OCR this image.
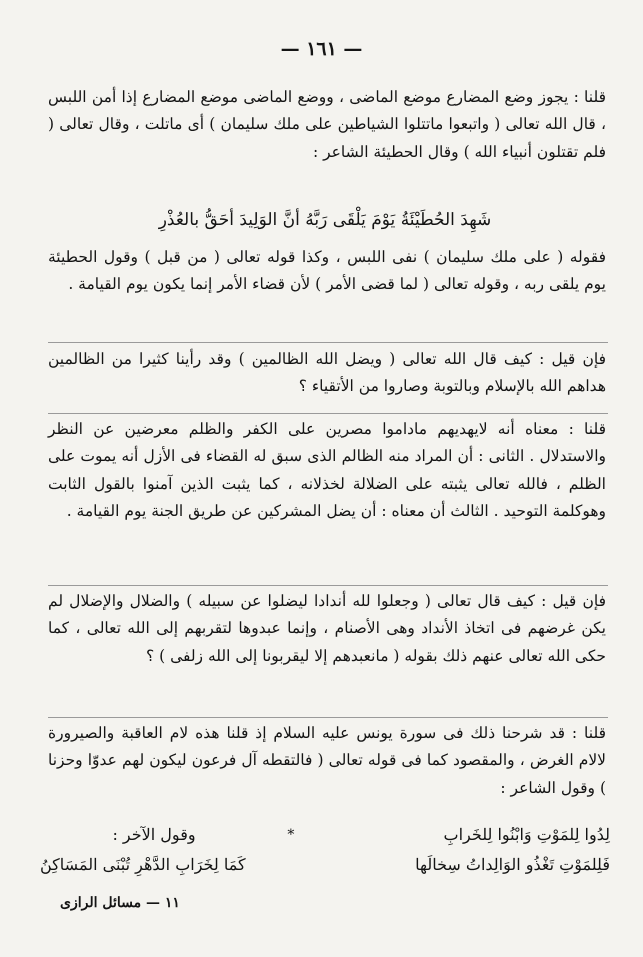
— ١٦١ —

قلنا : يجوز وضع المضارع موضع الماضى ، ووضع الماضى موضع المضارع إذا أمن اللبس ، قال الله تعالى ( واتبعوا ماتتلوا الشياطين على ملك سليمان ) أى ماتلت ، وقال تعالى ( فلم تقتلون أنبياء الله ) وقال الحطيئة الشاعر :

شَهِدَ الحُطَيْئَةُ يَوْمَ يَلْقَى رَبَّهُ أنَّ الوَلِيدَ أحَقُّ بالعُذْرِ

فقوله ( على ملك سليمان ) نفى اللبس ، وكذا قوله تعالى ( من قبل ) وقول الحطيئة يوم يلقى ربه ، وقوله تعالى ( لما قضى الأمر ) لأن قضاء الأمر إنما يكون يوم القيامة .

فإن قيل : كيف قال الله تعالى ( ويضل الله الظالمين ) وقد رأينا كثيرا من الظالمين هداهم الله بالإسلام وبالتوبة وصاروا من الأتقياء ؟

قلنا : معناه أنه لايهديهم ماداموا مصرين على الكفر والظلم معرضين عن النظر والاستدلال . الثانى : أن المراد منه الظالم الذى سبق له القضاء فى الأزل أنه يموت على الظلم ، فالله تعالى يثبته على الضلالة لخذلانه ، كما يثبت الذين آمنوا بالقول الثابت وهوكلمة التوحيد . الثالث أن معناه : أن يضل المشركين عن طريق الجنة يوم القيامة .

فإن قيل : كيف قال تعالى ( وجعلوا لله أندادا ليضلوا عن سبيله ) والضلال والإضلال لم يكن غرضهم فى اتخاذ الأنداد وهى الأصنام ، وإنما عبدوها لتقربهم إلى الله تعالى ، كما حكى الله تعالى عنهم ذلك بقوله ( مانعبدهم إلا ليقربونا إلى الله زلفى ) ؟

قلنا : قد شرحنا ذلك فى سورة يونس عليه السلام إذ قلنا هذه لام العاقبة والصيرورة لالام الغرض ، والمقصود كما فى قوله تعالى ( فالتقطه آل فرعون ليكون لهم عدوّا وحزنا ) وقول الشاعر :

لِدُوا لِلمَوْتِ وَابْنُوا لِلخَرابِ
*
وقول الآخر :
فَلِلمَوْتِ تَغْذُو الوَالِداتُ سِخالَها
كَمَا لِخَرَابِ الدَّهْرِ تُبْنَى المَسَاكِنُ
١١ — مسائل الرازى
